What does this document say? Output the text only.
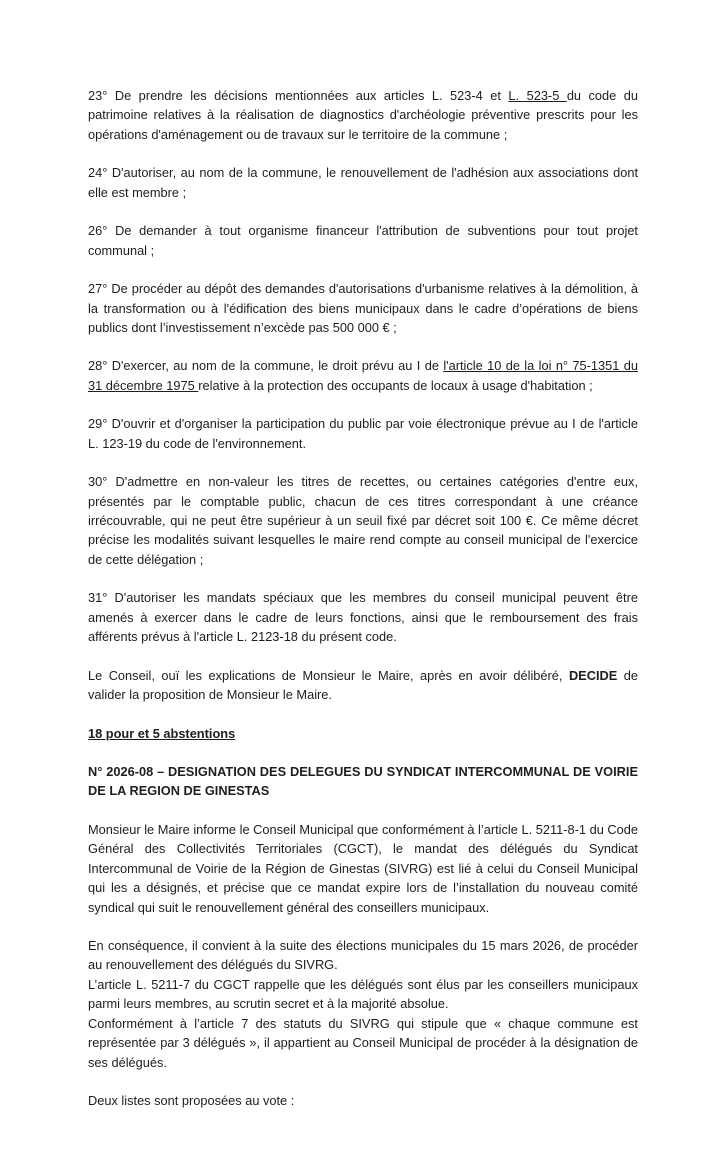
23° De prendre les décisions mentionnées aux articles L. 523-4 et L. 523-5 du code du patrimoine relatives à la réalisation de diagnostics d'archéologie préventive prescrits pour les opérations d'aménagement ou de travaux sur le territoire de la commune ;

24° D'autoriser, au nom de la commune, le renouvellement de l'adhésion aux associations dont elle est membre ;

26° De demander à tout organisme financeur l'attribution de subventions pour tout projet communal ;

27° De procéder au dépôt des demandes d'autorisations d'urbanisme relatives à la démolition, à la transformation ou à l'édification des biens municipaux dans le cadre d’opérations de biens publics dont l’investissement n’excède pas 500 000 € ;

28° D'exercer, au nom de la commune, le droit prévu au I de l'article 10 de la loi n° 75-1351 du 31 décembre 1975 relative à la protection des occupants de locaux à usage d'habitation ;

29° D'ouvrir et d'organiser la participation du public par voie électronique prévue au I de l'article L. 123-19 du code de l'environnement.

30° D'admettre en non-valeur les titres de recettes, ou certaines catégories d'entre eux, présentés par le comptable public, chacun de ces titres correspondant à une créance irrécouvrable, qui ne peut être supérieur à un seuil fixé par décret soit 100 €. Ce même décret précise les modalités suivant lesquelles le maire rend compte au conseil municipal de l'exercice de cette délégation ;

31° D'autoriser les mandats spéciaux que les membres du conseil municipal peuvent être amenés à exercer dans le cadre de leurs fonctions, ainsi que le remboursement des frais afférents prévus à l'article L. 2123-18 du présent code.

Le Conseil, ouï les explications de Monsieur le Maire, après en avoir délibéré, DECIDE de valider la proposition de Monsieur le Maire.

18 pour et 5 abstentions

N° 2026-08 – DESIGNATION DES DELEGUES DU SYNDICAT INTERCOMMUNAL DE VOIRIE DE LA REGION DE GINESTAS

Monsieur le Maire informe le Conseil Municipal que conformément à l’article L. 5211-8-1 du Code Général des Collectivités Territoriales (CGCT), le mandat des délégués du Syndicat Intercommunal de Voirie de la Région de Ginestas (SIVRG) est lié à celui du Conseil Municipal qui les a désignés, et précise que ce mandat expire lors de l’installation du nouveau comité syndical qui suit le renouvellement général des conseillers municipaux.

En conséquence, il convient à la suite des élections municipales du 15 mars 2026, de procéder au renouvellement des délégués du SIVRG.

L’article L. 5211-7 du CGCT rappelle que les délégués sont élus par les conseillers municipaux parmi leurs membres, au scrutin secret et à la majorité absolue.

Conformément à l’article 7 des statuts du SIVRG qui stipule que « chaque commune est représentée par 3 délégués », il appartient au Conseil Municipal de procéder à la désignation de ses délégués.

Deux listes sont proposées au vote :
